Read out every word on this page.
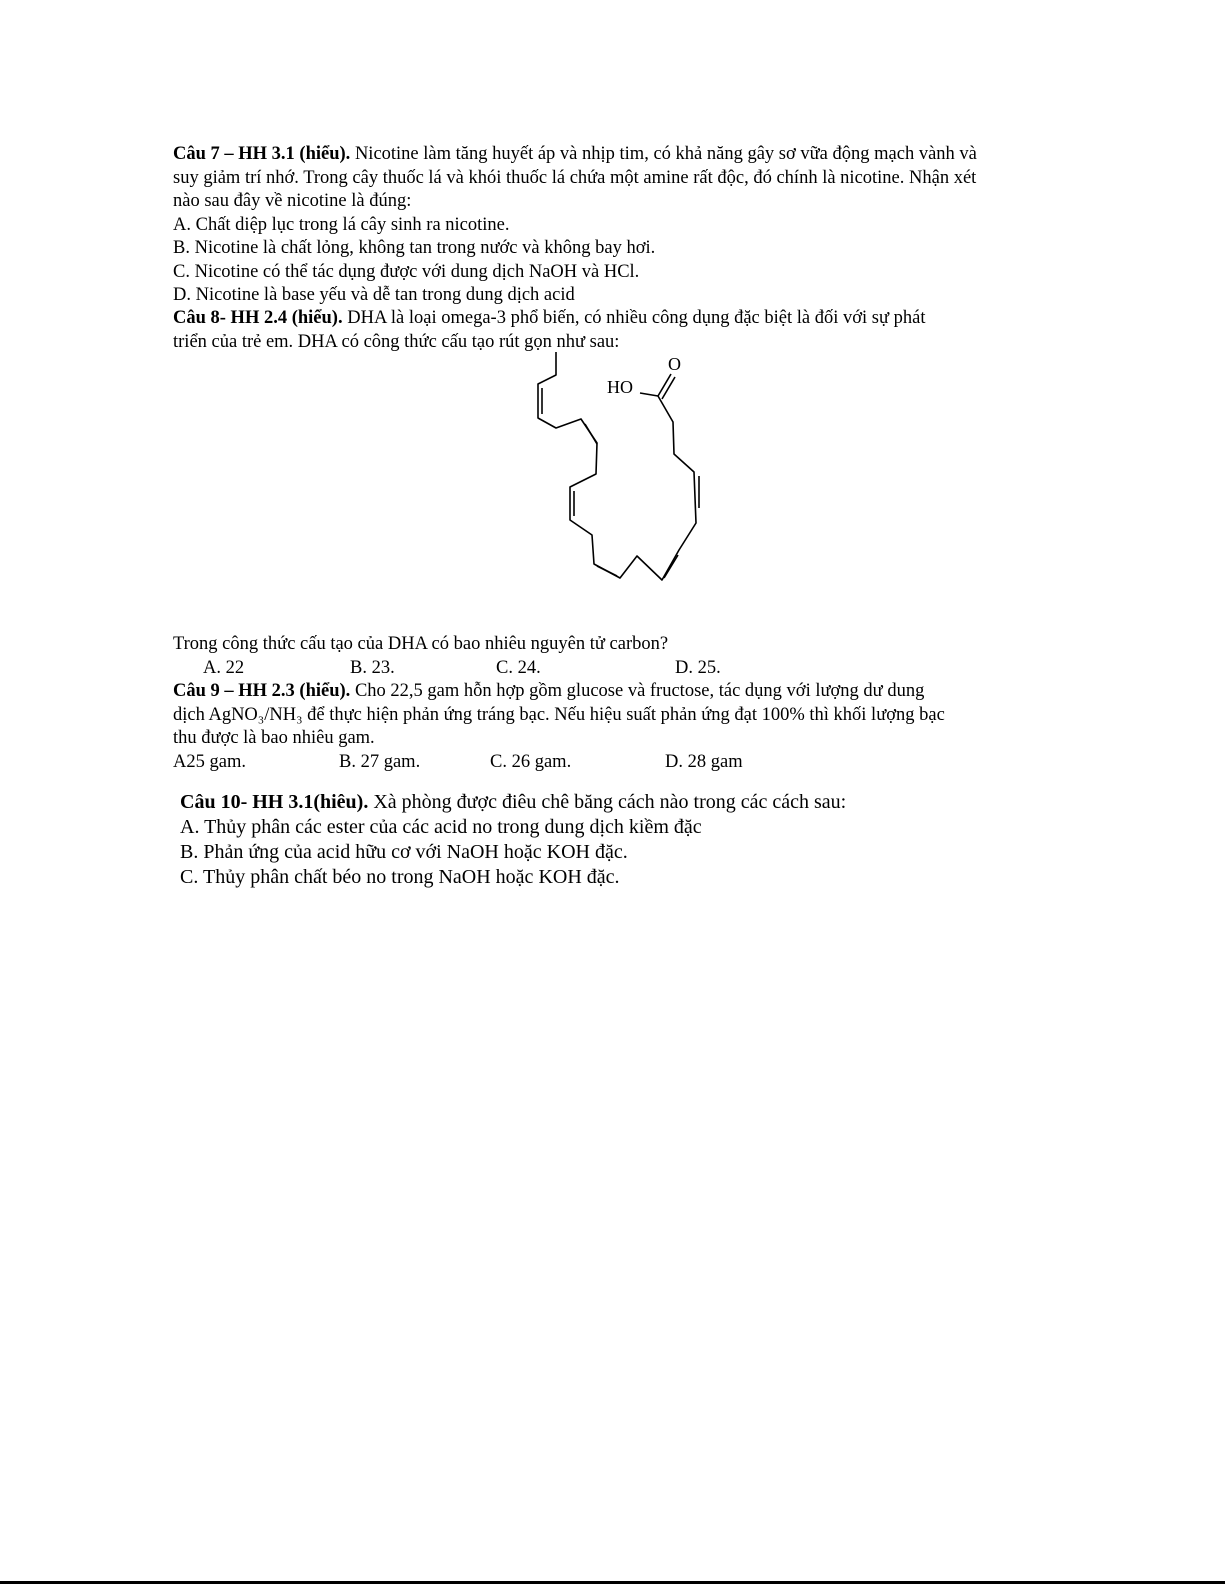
Câu 7 – HH 3.1 (hiểu). Nicotine làm tăng huyết áp và nhịp tim, có khả năng gây sơ vữa động mạch vành và

suy giảm trí nhớ. Trong cây thuốc lá và khói thuốc lá chứa một amine rất độc, đó chính là nicotine. Nhận xét

nào sau đây về nicotine là đúng:

A. Chất diệp lục trong lá cây sinh ra nicotine.

B. Nicotine là chất lỏng, không tan trong nước và không bay hơi.

C. Nicotine có thể tác dụng được với dung dịch NaOH và HCl.

D. Nicotine là base yếu và dễ tan trong dung dịch acid

Câu 8- HH 2.4 (hiểu). DHA là loại omega-3 phổ biến, có nhiều công dụng đặc biệt là đối với sự phát

triển của trẻ em. DHA có công thức cấu tạo rút gọn như sau:

HO
O

Trong công thức cấu tạo của DHA có bao nhiêu nguyên tử carbon?

A. 22	B. 23.	C. 24.	D. 25.

Câu 9 – HH 2.3 (hiểu). Cho 22,5 gam hỗn hợp gồm glucose và fructose, tác dụng với lượng dư dung

dịch AgNO₃/NH₃ để thực hiện phản ứng tráng bạc. Nếu hiệu suất phản ứng đạt 100% thì khối lượng bạc

thu được là bao nhiêu gam.

A25 gam.	B. 27 gam.	C. 26 gam.	D. 28 gam

Câu 10- HH 3.1(hiêu). Xà phòng được điêu chê băng cách nào trong các cách sau:

A. Thủy phân các ester của các acid no trong dung dịch kiềm đặc

B. Phản ứng của acid hữu cơ với NaOH hoặc KOH đặc.

C. Thủy phân chất béo no trong NaOH hoặc KOH đặc.
